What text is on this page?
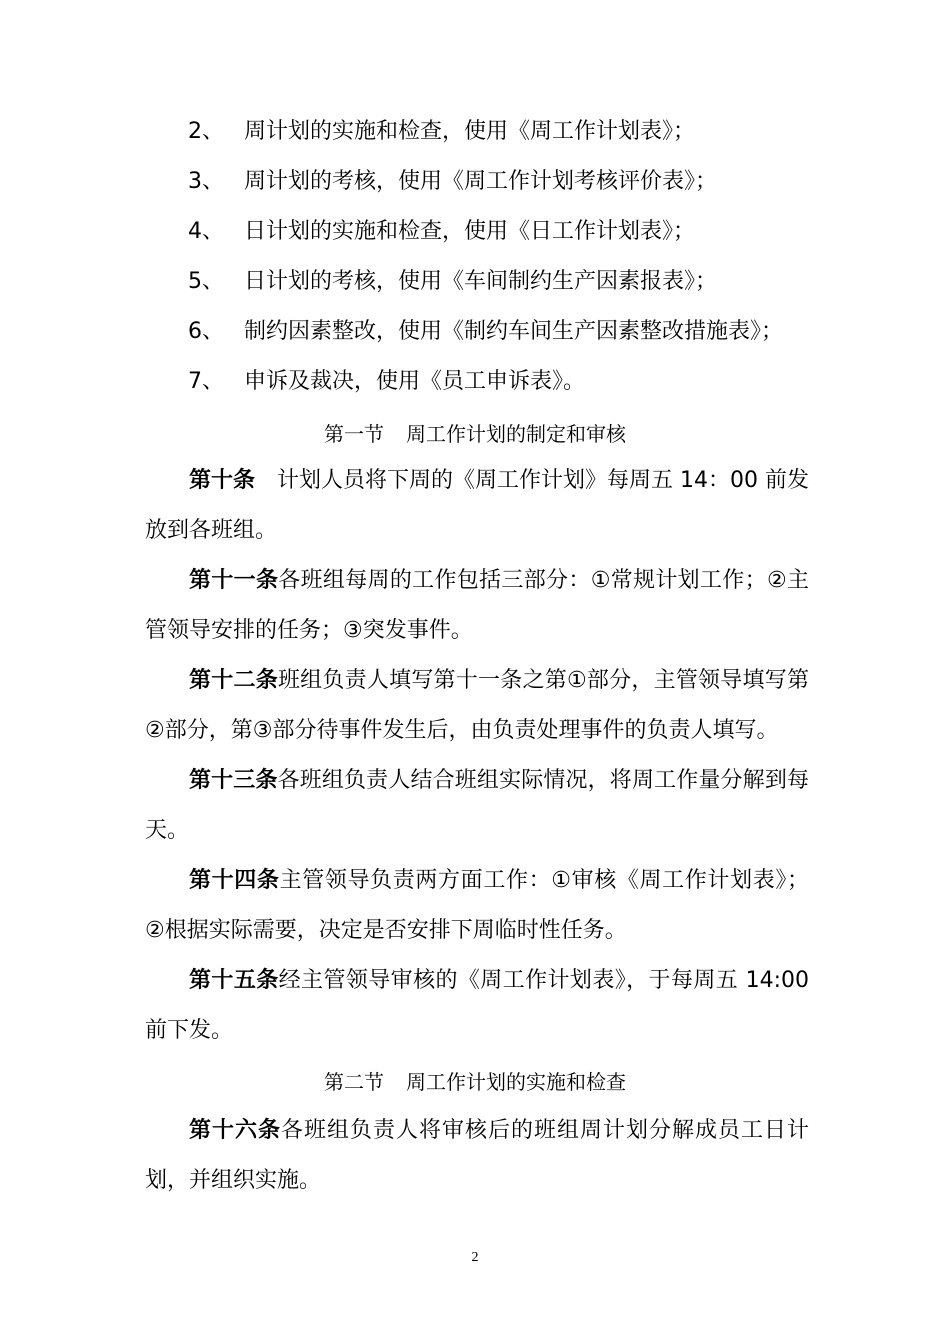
2、 周计划的实施和检查，使用《周工作计划表》；
3、 周计划的考核，使用《周工作计划考核评价表》；
4、 日计划的实施和检查，使用《日工作计划表》；
5、 日计划的考核，使用《车间制约生产因素报表》；
6、 制约因素整改，使用《制约车间生产因素整改措施表》；
7、 申诉及裁决，使用《员工申诉表》。
第一节 周工作计划的制定和审核

第十条　计划人员将下周的《周工作计划》每周五 14：00 前发放到各班组。

第十一条各班组每周的工作包括三部分：①常规计划工作；②主管领导安排的任务；③突发事件。

第十二条班组负责人填写第十一条之第①部分，主管领导填写第②部分，第③部分待事件发生后，由负责处理事件的负责人填写。

第十三条各班组负责人结合班组实际情况，将周工作量分解到每天。

第十四条主管领导负责两方面工作：①审核《周工作计划表》；②根据实际需要，决定是否安排下周临时性任务。

第十五条经主管领导审核的《周工作计划表》，于每周五 14:00 前下发。

第二节 周工作计划的实施和检查

第十六条各班组负责人将审核后的班组周计划分解成员工日计划，并组织实施。

2
